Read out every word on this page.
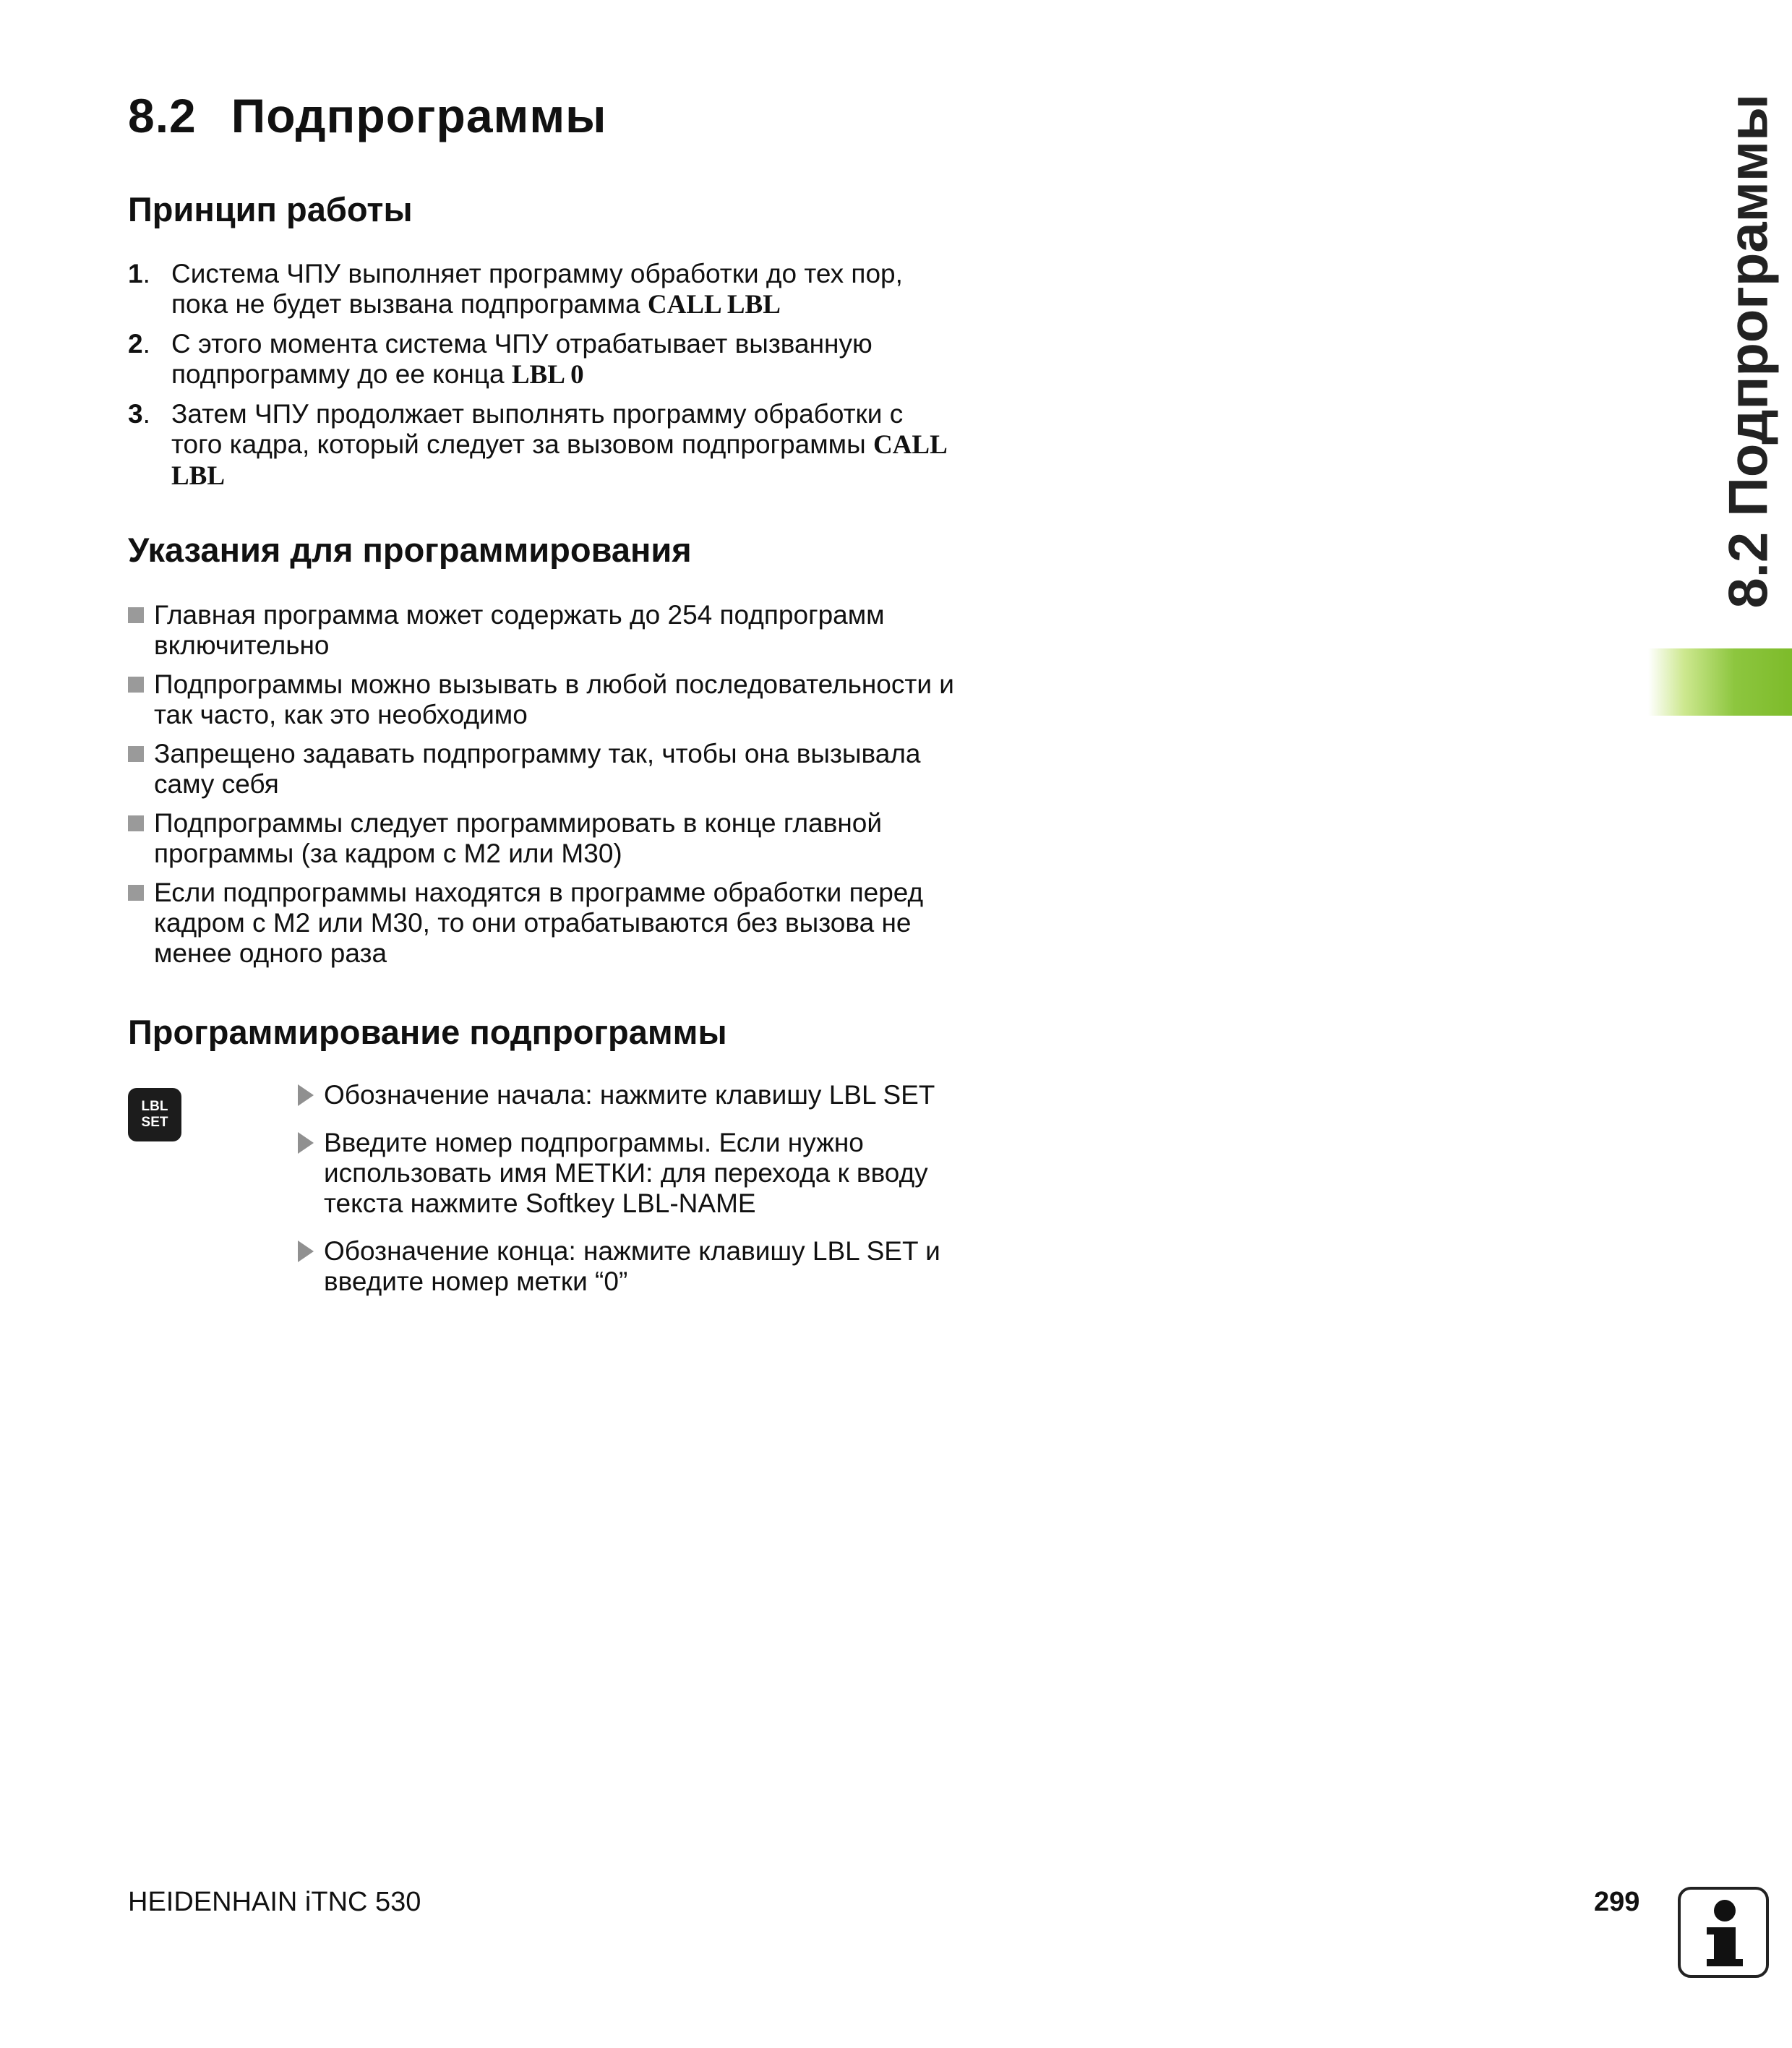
8.2 Подпрограммы
Принцип работы
1. Система ЧПУ выполняет программу обработки до тех пор, пока не будет вызвана подпрограмма CALL LBL
2. С этого момента система ЧПУ отрабатывает вызванную подпрограмму до ее конца LBL 0
3. Затем ЧПУ продолжает выполнять программу обработки с того кадра, который следует за вызовом подпрограммы CALL LBL
Указания для программирования
Главная программа может содержать до 254 подпрограмм включительно
Подпрограммы можно вызывать в любой последовательности и так часто, как это необходимо
Запрещено задавать подпрограмму так, чтобы она вызывала саму себя
Подпрограммы следует программировать в конце главной программы (за кадром с М2 или М30)
Если подпрограммы находятся в программе обработки перед кадром с М2 или М30, то они отрабатываются без вызова не менее одного раза
Программирование подпрограммы
LBL
SET
Обозначение начала: нажмите клавишу LBL SET
Введите номер подпрограммы. Если нужно использовать имя МЕТКИ: для перехода к вводу текста нажмите Softkey LBL-NAME
Обозначение конца: нажмите клавишу LBL SET и введите номер метки “0”
8.2 Подпрограммы
HEIDENHAIN iTNC 530	299
